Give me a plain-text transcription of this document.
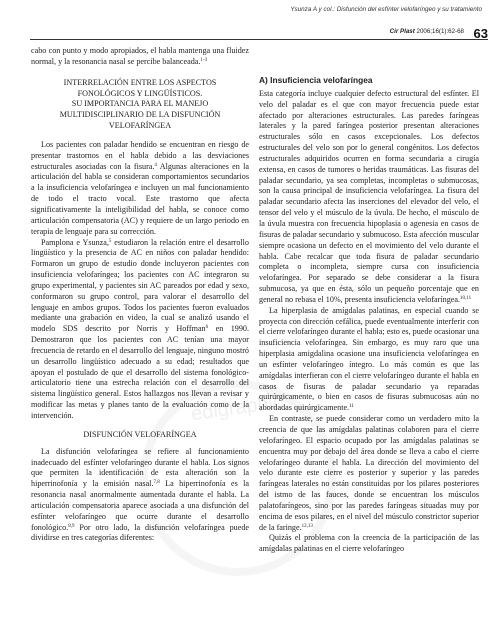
Ysunza A y col.: Disfunción del esfínter velofaríngeo y su tratamiento
Cir Plast 2006;16(1):62-68 63
edigraphic

cabo con punto y modo apropiados, el habla mantenga una fluidez normal, y la resonancia nasal se percibe balanceada.$^{1-3}$

INTERRELACIÓN ENTRE LOS ASPECTOS
FONOLÓGICOS Y LINGÜÍSTICOS.
SU IMPORTANCIA PARA EL MANEJO
MULTIDISCIPLINARIO DE LA DISFUNCIÓN
VELOFARÍNGEA

Los pacientes con paladar hendido se encuentran en riesgo de presentar trastornos en el habla debido a las desviaciones estructurales asociadas con la fisura.$^4$ Algunas alteraciones en la articulación del habla se consideran comportamientos secundarios a la insuficiencia velofaríngea e incluyen un mal funcionamiento de todo el tracto vocal. Este trastorno que afecta significativamente la inteligibilidad del habla, se conoce como articulación compensatoria (AC) y requiere de un largo periodo en terapia de lenguaje para su corrección.

Pamplona e Ysunza,$^5$ estudiaron la relación entre el desarrollo lingüístico y la presencia de AC en niños con paladar hendido: Formaron un grupo de estudio donde incluyeron pacientes con insuficiencia velofaríngea; los pacientes con AC integraron su grupo experimental, y pacientes sin AC pareados por edad y sexo, conformaron su grupo control, para valorar el desarrollo del lenguaje en ambos grupos. Todos los pacientes fueron evaluados mediante una grabación en video, la cual se analizó usando el modelo SDS descrito por Norris y Hoffman$^6$ en 1990. Demostraron que los pacientes con AC tenían una mayor frecuencia de retardo en el desarrollo del lenguaje, ninguno mostró un desarrollo lingüístico adecuado a su edad; resultados que apoyan el postulado de que el desarrollo del sistema fonológico-articulatorio tiene una estrecha relación con el desarrollo del sistema lingüístico general. Estos hallazgos nos llevan a revisar y modificar las metas y planes tanto de la evaluación como de la intervención.

DISFUNCIÓN VELOFARÍNGEA

La disfunción velofaríngea se refiere al funcionamiento inadecuado del esfínter velofaríngeo durante el habla. Los signos que permiten la identificación de esta alteración son la hiperrinofonía y la emisión nasal.$^{7,8}$ La hiperrinofonía es la resonancia nasal anormalmente aumentada durante el habla. La articulación compensatoria aparece asociada a una disfunción del esfínter velofaríngeo que ocurre durante el desarrollo fonológico.$^{8,9}$ Por otro lado, la disfunción velofaríngea puede dividirse en tres categorías diferentes:

A) Insuficiencia velofaríngea

Esta categoría incluye cualquier defecto estructural del esfínter. El velo del paladar es el que con mayor frecuencia puede estar afectado por alteraciones estructurales. Las paredes faríngeas laterales y la pared faríngea posterior presentan alteraciones estructurales sólo en casos excepcionales. Los defectos estructurales del velo son por lo general congénitos. Los defectos estructurales adquiridos ocurren en forma secundaria a cirugía extensa, en casos de tumores o heridas traumáticas. Las fisuras del paladar secundario, ya sea completas, incompletas o submucosas, son la causa principal de insuficiencia velofaríngea. La fisura del paladar secundario afecta las inserciones del elevador del velo, el tensor del velo y el músculo de la úvula. De hecho, el músculo de la úvula muestra con frecuencia hipoplasia o agenesia en casos de fisuras de paladar secundario y submucoso. Esta afección muscular siempre ocasiona un defecto en el movimiento del velo durante el habla. Cabe recalcar que toda fisura de paladar secundario completa o incompleta, siempre cursa con insuficiencia velofaríngea. Por separado se debe considerar a la fisura submucosa, ya que en ésta, sólo un pequeño porcentaje que en general no rebasa el 10%, presenta insuficiencia velofaríngea.$^{10,11}$

La hiperplasia de amígdalas palatinas, en especial cuando se proyecta con dirección cefálica, puede eventualmente interferir con el cierre velofaríngeo durante el habla; esto es, puede ocasionar una insuficiencia velofaríngea. Sin embargo, es muy raro que una hiperplasia amigdalina ocasione una insuficiencia velofaríngea en un esfínter velofaríngeo íntegro. Lo más común es que las amígdalas interfieran con el cierre velofaríngeo durante el habla en casos de fisuras de paladar secundario ya reparadas quirúrgicamente, o bien en casos de fisuras submucosas aún no abordadas quirúrgicamente.$^{11}$

En contraste, se puede considerar como un verdadero mito la creencia de que las amígdalas palatinas colaboren para el cierre velofaríngeo. El espacio ocupado por las amígdalas palatinas se encuentra muy por debajo del área donde se lleva a cabo el cierre velofaríngeo durante el habla. La dirección del movimiento del velo durante este cierre es posterior y superior y las paredes faríngeas laterales no están constituidas por los pilares posteriores del istmo de las fauces, donde se encuentran los músculos palatofaríngeos, sino por las paredes faríngeas situadas muy por encima de esos pilares, en el nivel del músculo constrictor superior de la faringe.$^{12,13}$

Quizás el problema con la creencia de la participación de las amígdalas palatinas en el cierre velofaríngeo
